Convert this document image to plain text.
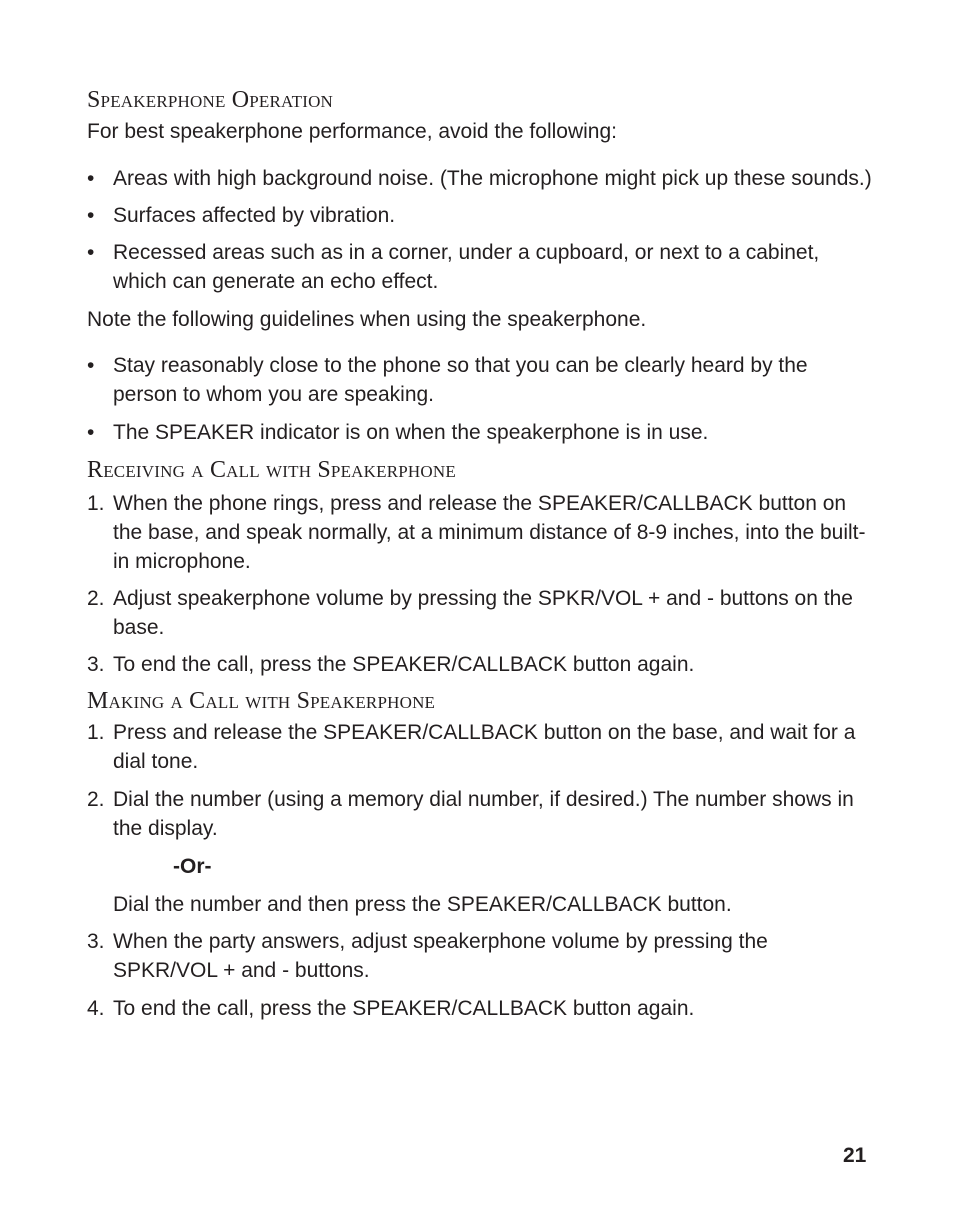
Speakerphone Operation

For best speakerphone performance, avoid the following:

• Areas with high background noise. (The microphone might pick up these sounds.)
• Surfaces affected by vibration.
• Recessed areas such as in a corner, under a cupboard, or next to a cabinet, which can generate an echo effect.

Note the following guidelines when using the speakerphone.

• Stay reasonably close to the phone so that you can be clearly heard by the person to whom you are speaking.
• The SPEAKER indicator is on when the speakerphone is in use.
Receiving a Call with Speakerphone
1. When the phone rings, press and release the SPEAKER/CALLBACK button on the base, and speak normally, at a minimum distance of 8-9 inches, into the built-in microphone.
2. Adjust speakerphone volume by pressing the SPKR/VOL + and - buttons on the base.
3. To end the call, press the SPEAKER/CALLBACK button again.
Making a Call with Speakerphone
1. Press and release the SPEAKER/CALLBACK button on the base, and wait for a dial tone.
2. Dial the number (using a memory dial number, if desired.) The number shows in the display.
-Or-
Dial the number and then press the SPEAKER/CALLBACK button.
3. When the party answers, adjust speakerphone volume by pressing the SPKR/VOL + and - buttons.
4. To end the call, press the SPEAKER/CALLBACK button again.
21
